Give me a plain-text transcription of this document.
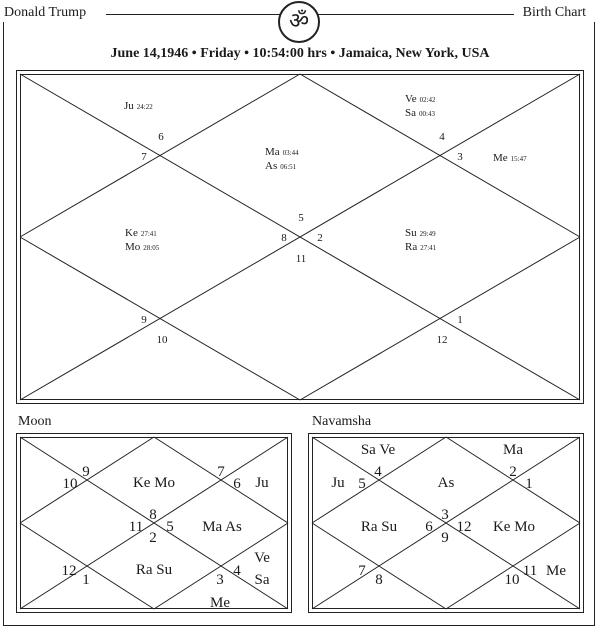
Donald Trump	Birth Chart
ॐ
June 14,1946 • Friday • 10:54:00 hrs • Jamaica, New York, USA
5
6
7
8	2
4
3
11
9
10
1
12
Ju 24:22
Ve 02:42
Sa 00:43
Me 15:47
Ma 03:44
As 06:51
Ke 27:41
Mo 28:05
Su 29:49
Ra 27:41
Moon
8
9
10
7
6
11
2
5
12
1	3
4
Ke Mo	Ju
Ma As
Ra Su
Ve
Sa
Me
Navamsha
3
4
5
2
1
6
9
12
7
8	10
11
Sa Ve	Ma
Ju	As
Ra Su	Ke Mo
Me
